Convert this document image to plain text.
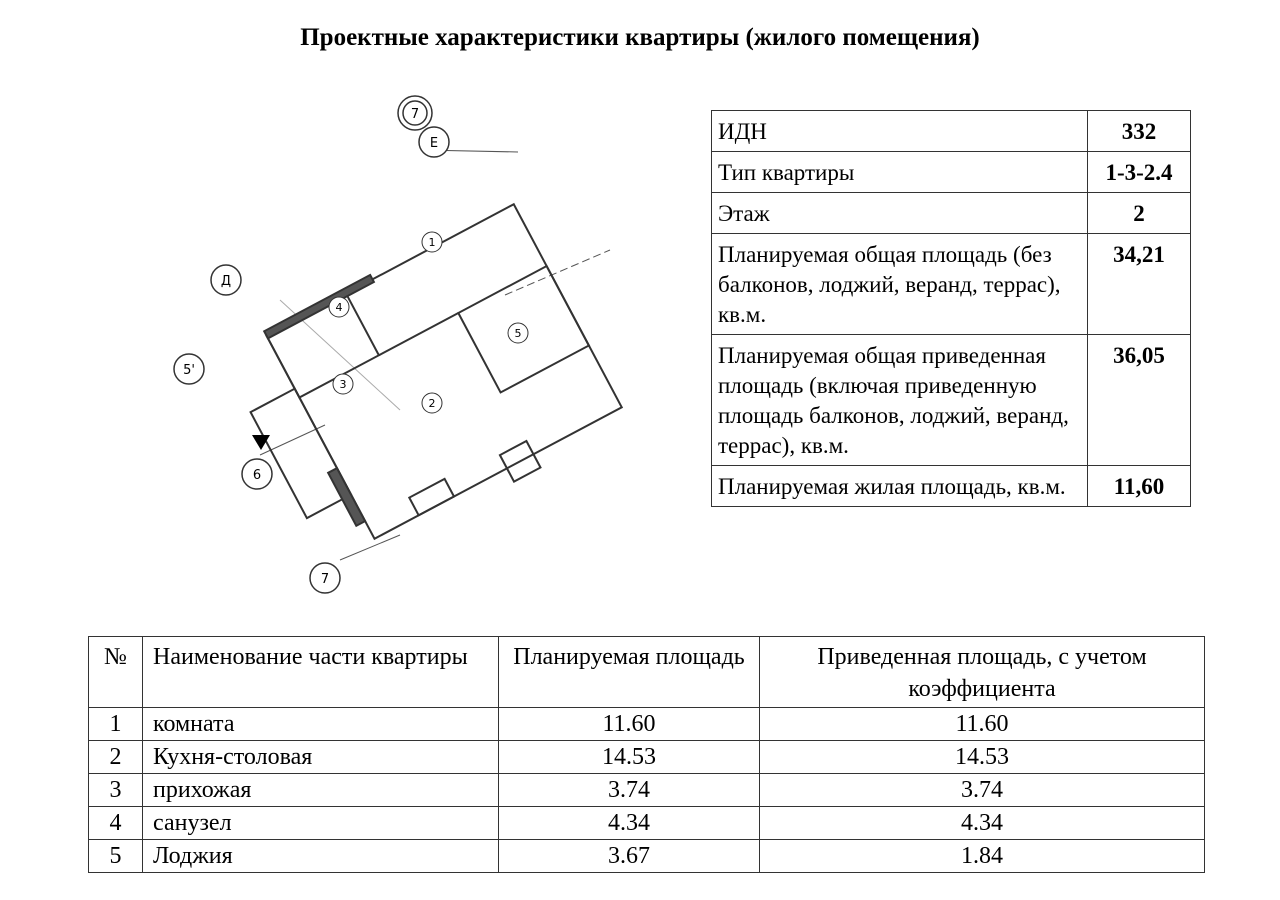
Проектные характеристики квартиры (жилого помещения)
7
Е
Д
5'
6
7
1
2
3
4
5
ИДН	332
Тип квартиры	1-3-2.4
Этаж	2
Планируемая общая площадь (без балконов, лоджий, веранд, террас), кв.м.	34,21
Планируемая общая приведенная площадь (включая приведенную площадь балконов, лоджий, веранд, террас), кв.м.	36,05
Планируемая жилая площадь, кв.м.	11,60
№	Наименование части квартиры	Планируемая площадь	Приведенная площадь, с учетом коэффициента
1	комната	11.60	11.60
2	Кухня-столовая	14.53	14.53
3	прихожая	3.74	3.74
4	санузел	4.34	4.34
5	Лоджия	3.67	1.84
